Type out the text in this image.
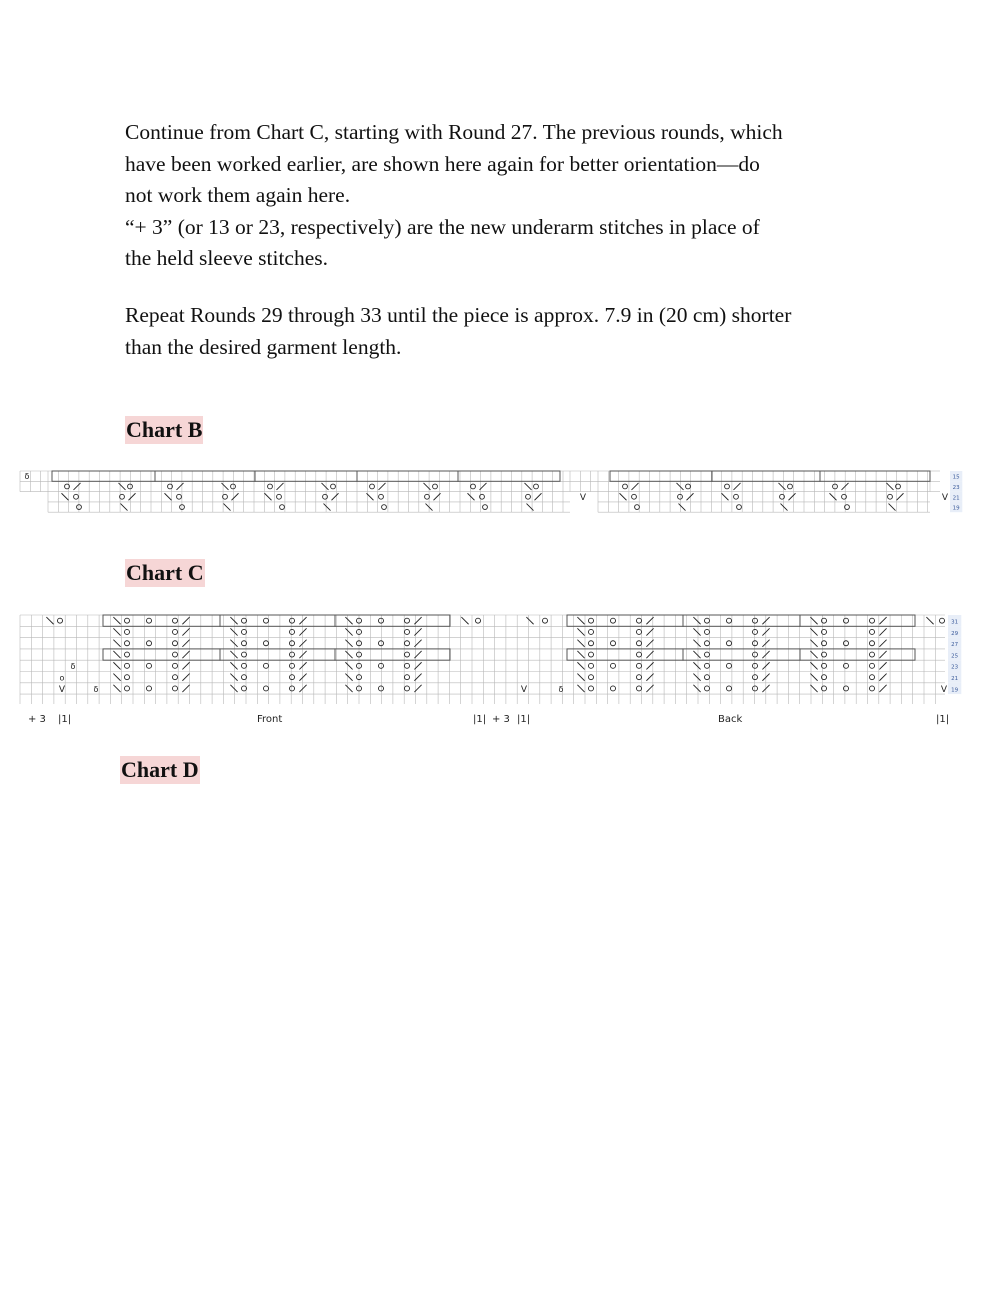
Continue from Chart C, starting with Round 27. The previous rounds, which
have been worked earlier, are shown here again for better orientation—do
not work them again here.
“+ 3” (or 13 or 23, respectively) are the new underarm stitches in place of
the held sleeve stitches.

Repeat Rounds 29 through 33 until the piece is approx. 7.9 in (20 cm) shorter
than the desired garment length.

Chart B
δ
V	V
15
23
21
19
Chart C
o
V	V	V
δ
δ	δ
31
29
27
25
23
21
19
+ 3 |1|	Front	|1| + 3 |1|	Back	|1|
Chart D
